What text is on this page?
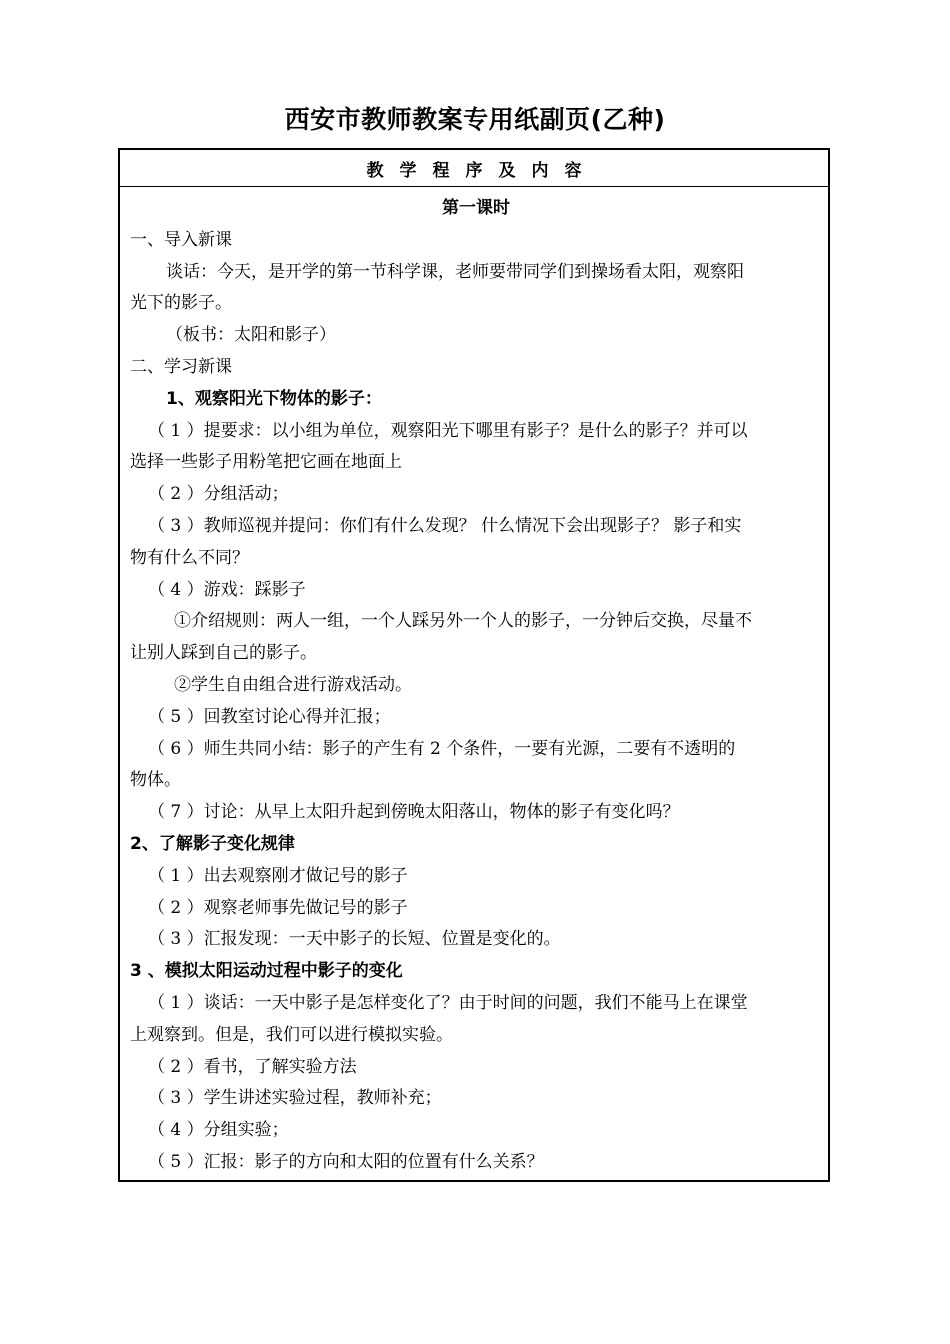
西安市教师教案专用纸副页(乙种)
教学程序及内容
第一课时
一、导入新课
谈话：今天，是开学的第一节科学课，老师要带同学们到操场看太阳，观察阳
光下的影子。
（板书：太阳和影子）
二、学习新课
1、观察阳光下物体的影子：
（ 1 ）提要求：以小组为单位，观察阳光下哪里有影子？是什么的影子？并可以
选择一些影子用粉笔把它画在地面上
（ 2 ）分组活动；
（ 3 ）教师巡视并提问：你们有什么发现？ 什么情况下会出现影子？ 影子和实
物有什么不同？
（ 4 ）游戏：踩影子
①介绍规则：两人一组，一个人踩另外一个人的影子，一分钟后交换，尽量不
让别人踩到自己的影子。
②学生自由组合进行游戏活动。
（ 5 ）回教室讨论心得并汇报；
（ 6 ）师生共同小结：影子的产生有 2 个条件，一要有光源，二要有不透明的
物体。
（ 7 ）讨论：从早上太阳升起到傍晚太阳落山，物体的影子有变化吗？
2、了解影子变化规律
（ 1 ）出去观察刚才做记号的影子
（ 2 ）观察老师事先做记号的影子
（ 3 ）汇报发现：一天中影子的长短、位置是变化的。
3 、模拟太阳运动过程中影子的变化
（ 1 ）谈话：一天中影子是怎样变化了？由于时间的问题，我们不能马上在课堂
上观察到。但是，我们可以进行模拟实验。
（ 2 ）看书，了解实验方法
（ 3 ）学生讲述实验过程，教师补充；
（ 4 ）分组实验；
（ 5 ）汇报：影子的方向和太阳的位置有什么关系？
